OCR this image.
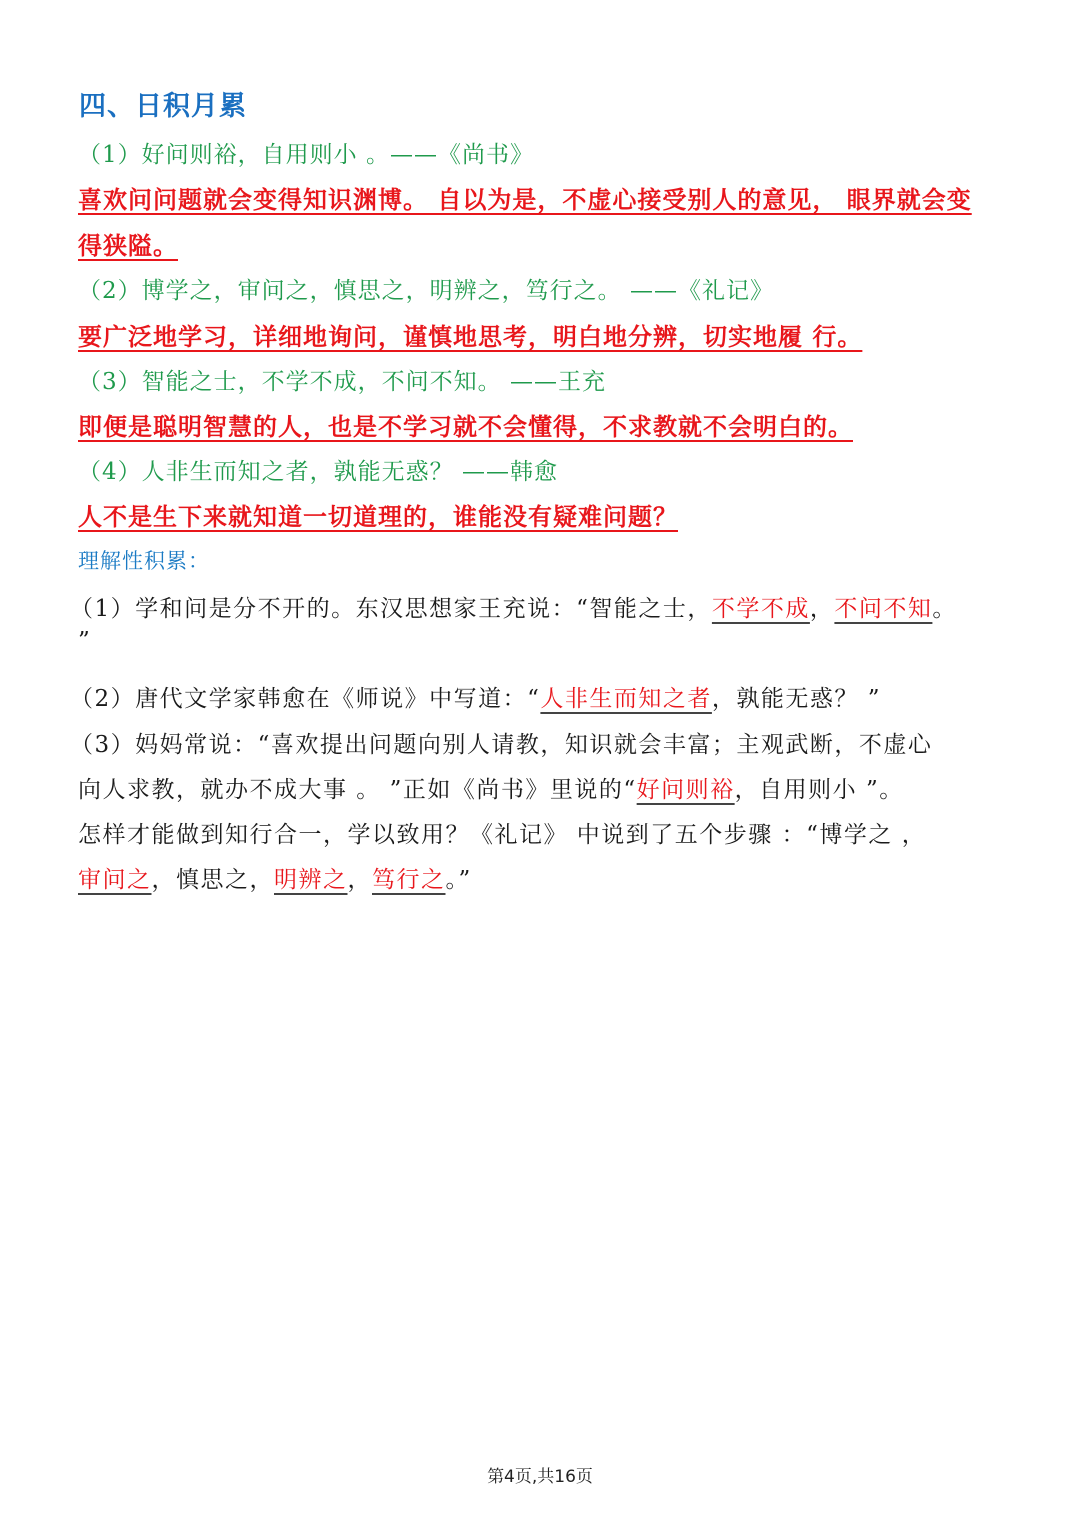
四、日积月累
（1）好问则裕，自用则小 。——《尚书》
喜欢问问题就会变得知识渊博。 自以为是，不虚心接受别人的意见， 眼界就会变
得狭隘。
（2）博学之，审问之，慎思之，明辨之，笃行之。 ——《礼记》
要广泛地学习，详细地询问，谨慎地思考，明白地分辨，切实地履 行。
（3）智能之士，不学不成，不问不知。 ——王充
即便是聪明智慧的人，也是不学习就不会懂得，不求教就不会明白的。
（4）人非生而知之者，孰能无惑？ ——韩愈
人不是生下来就知道一切道理的，谁能没有疑难问题？
理解性积累：
（1）学和问是分不开的。东汉思想家王充说：“智能之士，不学不成，不问不知。
”
（2）唐代文学家韩愈在《师说》中写道：“人非生而知之者，孰能无惑？ ”
（3）妈妈常说：“喜欢提出问题向别人请教，知识就会丰富；主观武断，不虚心
向人求教，就办不成大事 。 ”正如《尚书》里说的“好问则裕，自用则小 ”。
怎样才能做到知行合一，学以致用？《礼记》 中说到了五个步骤 ：“博学之 ，
审问之，慎思之，明辨之，笃行之。”
第4页,共16页
